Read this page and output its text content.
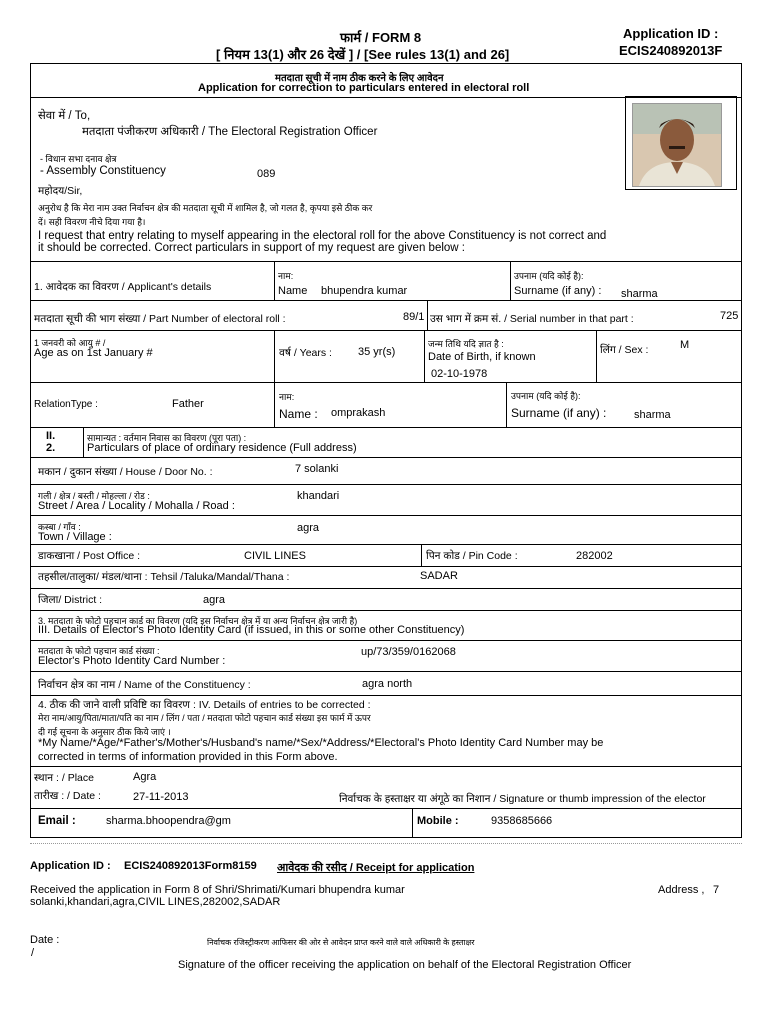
फार्म / FORM 8
[ नियम 13(1) और 26 देखें ] / [See rules 13(1) and 26]
Application ID :
ECIS240892013F
मतदाता सूची में नाम ठीक करने के लिए आवेदन
Application for correction to particulars entered in electoral roll
सेवा में / To,
मतदाता पंजीकरण अधिकारी / The Electoral Registration Officer
- विधान सभा दनाव क्षेत्र
- Assembly Constituency	089
महोदय/Sir,
अनुरोध है कि मेरा नाम उक्त निर्वाचन क्षेत्र की मतदाता सूची में शामिल है, जो गलत है, कृपया इसे ठीक कर
दें। सही विवरण नीचे दिया गया है।
I request that entry relating to myself appearing in the electoral roll for the above Constituency is not correct and
it should be corrected. Correct particulars in support of my request are given below :
1. आवेदक का विवरण / Applicant's details
नाम:
Name bhupendra kumar
उपनाम (यदि कोई है):
Surname (if any) : sharma
मतदाता सूची की भाग संख्या / Part Number of electoral roll :	89/1 उस भाग में क्रम सं. / Serial number in that part :	725
1 जनवरी को आयु # /
Age as on 1st January #	वर्ष / Years : 35 yr(s)
जन्म तिथि यदि ज्ञात है :
Date of Birth, if known
02-10-1978
लिंग / Sex :	M
RelationType :	Father
नाम:
Name : omprakash
उपनाम (यदि कोई है):
Surname (if any) :	sharma
II.
2.
सामान्यत : वर्तमान निवास का विवरण (पूरा पता) :
Particulars of place of ordinary residence (Full address)
मकान / दुकान संख्या / House / Door No. :	7 solanki
गली / क्षेत्र / बस्ती / मोहल्ला / रोड :
Street / Area / Locality / Mohalla / Road :
khandari
कस्बा / गाँव :
Town / Village :
agra
डाकखाना / Post Office :	CIVIL LINES	पिन कोड / Pin Code :	282002
तहसील/तालुका/ मंडल/थाना : Tehsil /Taluka/Mandal/Thana :	SADAR
जिला/ District :	agra
3. मतदाता के फोटो पहचान कार्ड का विवरण (यदि इस निर्वाचन क्षेत्र में या अन्य निर्वाचन क्षेत्र जारी है)
III. Details of Elector's Photo Identity Card (if issued, in this or some other Constituency)
मतदाता के फोटो पहचान कार्ड संख्या :
Elector's Photo Identity Card Number :
up/73/359/0162068
निर्वाचन क्षेत्र का नाम / Name of the Constituency :	agra north
4. ठीक की जाने वाली प्रविष्टि का विवरण : IV. Details of entries to be corrected :
मेरा नाम/आयु/पिता/माता/पति का नाम / लिंग / पता / मतदाता फोटो पहचान कार्ड संख्या इस फार्म में ऊपर
दी गई सूचना के अनुसार ठीक किये जाएं ।
*My Name/*Age/*Father's/Mother's/Husband's name/*Sex/*Address/*Electoral's Photo Identity Card Number may be
corrected in terms of information provided in this Form above.
स्थान : / Place	Agra
तारीख : / Date :	27-11-2013	निर्वाचक के हस्ताक्षर या अंगूठे का निशान / Signature or thumb impression of the elector
Email :	sharma.bhoopendra@gm	Mobile :	9358685666
Application ID : ECIS240892013Form8159 आवेदक की रसीद / Receipt for application
Received the application in Form 8 of Shri/Shrimati/Kumari bhupendra kumar	Address , 7
solanki,khandari,agra,CIVIL LINES,282002,SADAR
Date :
/
निर्वाचक रजिस्ट्रीकरण आफिसर की ओर से आवेदन प्राप्त करने वाले वाले अधिकारी के हस्ताक्षर
Signature of the officer receiving the application on behalf of the Electoral Registration Officer
